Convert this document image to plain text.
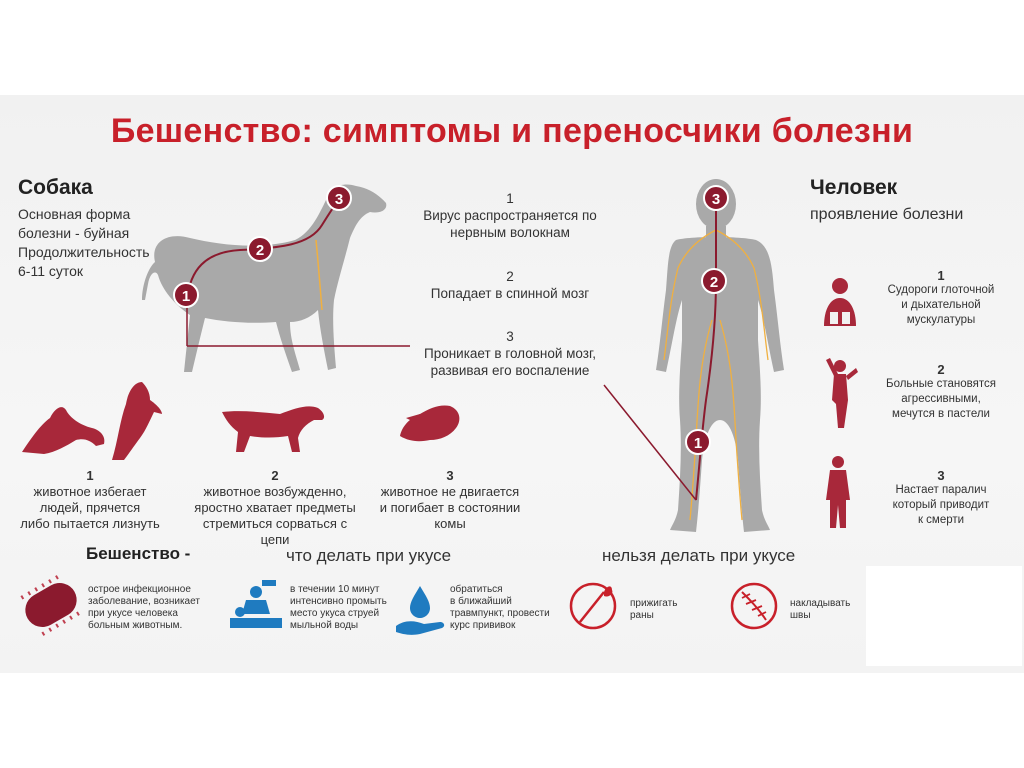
Бешенство: симптомы и переносчики болезни
Собака
Основная форма
болезни - буйная
Продолжительность
6-11 суток
Человек
проявление болезни
1
2
3	1
Вирус распространяется по
нервным волокнам
2
Попадает в спинной мозг
3
Проникает в головной мозг,
развивая его воспаление
3
2
1
1
животное избегает
людей, прячется
либо пытается лизнуть
2
животное возбужденно,
яростно хватает предметы
стремиться сорваться с цепи
3
животное не двигается
и погибает в состоянии
комы
1
Судороги глоточной
и дыхательной
мускулатуры
2
Больные становятся
агрессивными,
мечутся в пастели
3
Настает паралич
который приводит
к смерти
Бешенство -	что делать при укусе	нельзя делать при укусе
острое инфекционное
заболевание, возникает
при укусе человека
больным животным.
в течении 10 минут
интенсивно промыть
место укуса струей
мыльной воды
обратиться
в ближайший
травмпункт, провести
курс прививок
прижигать
раны
накладывать
швы
